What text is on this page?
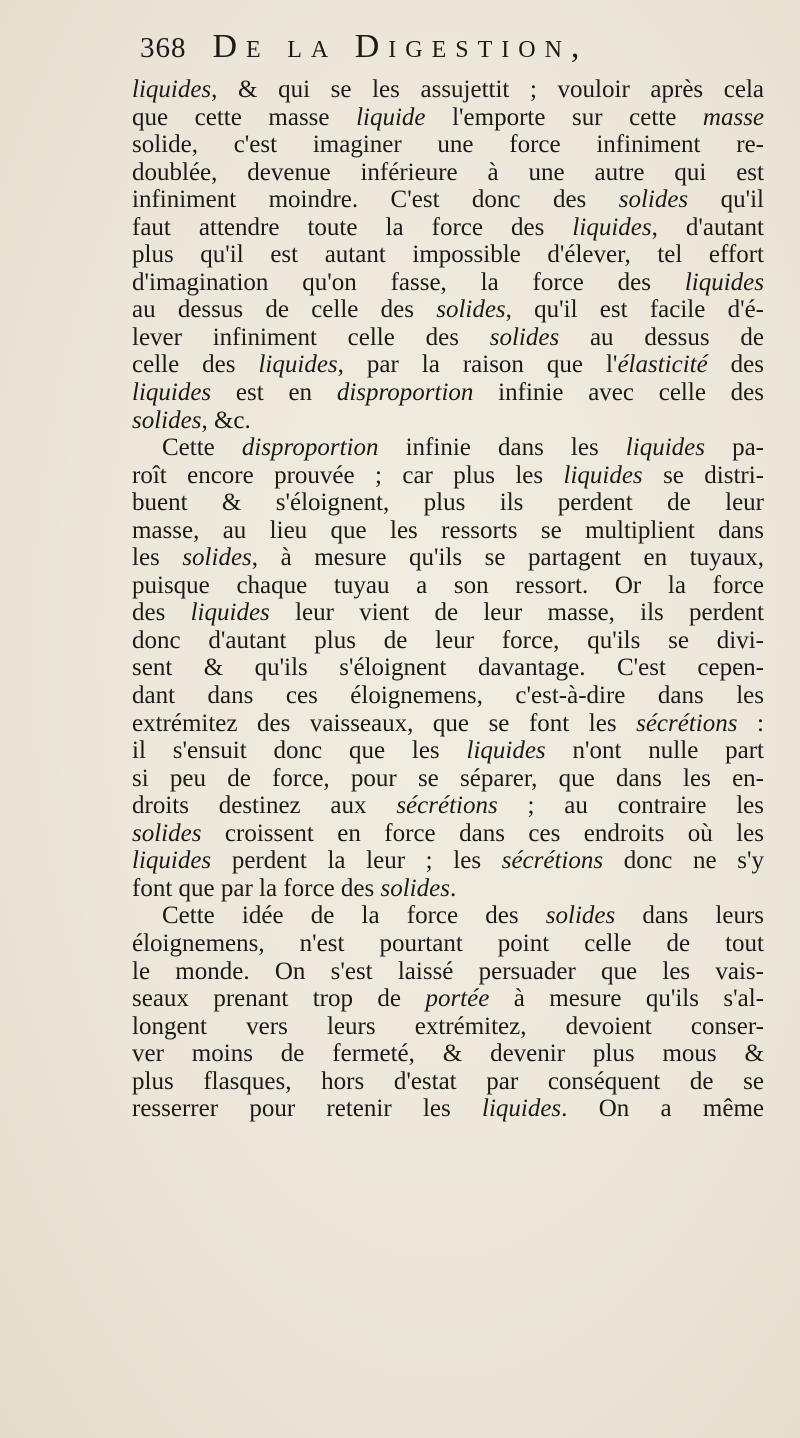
368 De la Digestion,
liquides, & qui se les assujettit ; vouloir après cela
que cette masse liquide l'emporte sur cette masse
solide, c'est imaginer une force infiniment re-
doublée, devenue inférieure à une autre qui est
infiniment moindre. C'est donc des solides qu'il
faut attendre toute la force des liquides, d'autant
plus qu'il est autant impossible d'élever, tel effort
d'imagination qu'on fasse, la force des liquides
au dessus de celle des solides, qu'il est facile d'é-
lever infiniment celle des solides au dessus de
celle des liquides, par la raison que l'élasticité des
liquides est en disproportion infinie avec celle des
solides, &c.
Cette disproportion infinie dans les liquides pa-
roît encore prouvée ; car plus les liquides se distri-
buent & s'éloignent, plus ils perdent de leur
masse, au lieu que les ressorts se multiplient dans
les solides, à mesure qu'ils se partagent en tuyaux,
puisque chaque tuyau a son ressort. Or la force
des liquides leur vient de leur masse, ils perdent
donc d'autant plus de leur force, qu'ils se divi-
sent & qu'ils s'éloignent davantage. C'est cepen-
dant dans ces éloignemens, c'est-à-dire dans les
extrémitez des vaisseaux, que se font les sécrétions :
il s'ensuit donc que les liquides n'ont nulle part
si peu de force, pour se séparer, que dans les en-
droits destinez aux sécrétions ; au contraire les
solides croissent en force dans ces endroits où les
liquides perdent la leur ; les sécrétions donc ne s'y
font que par la force des solides.
Cette idée de la force des solides dans leurs
éloignemens, n'est pourtant point celle de tout
le monde. On s'est laissé persuader que les vais-
seaux prenant trop de portée à mesure qu'ils s'al-
longent vers leurs extrémitez, devoient conser-
ver moins de fermeté, & devenir plus mous &
plus flasques, hors d'estat par conséquent de se
resserrer pour retenir les liquides. On a même
